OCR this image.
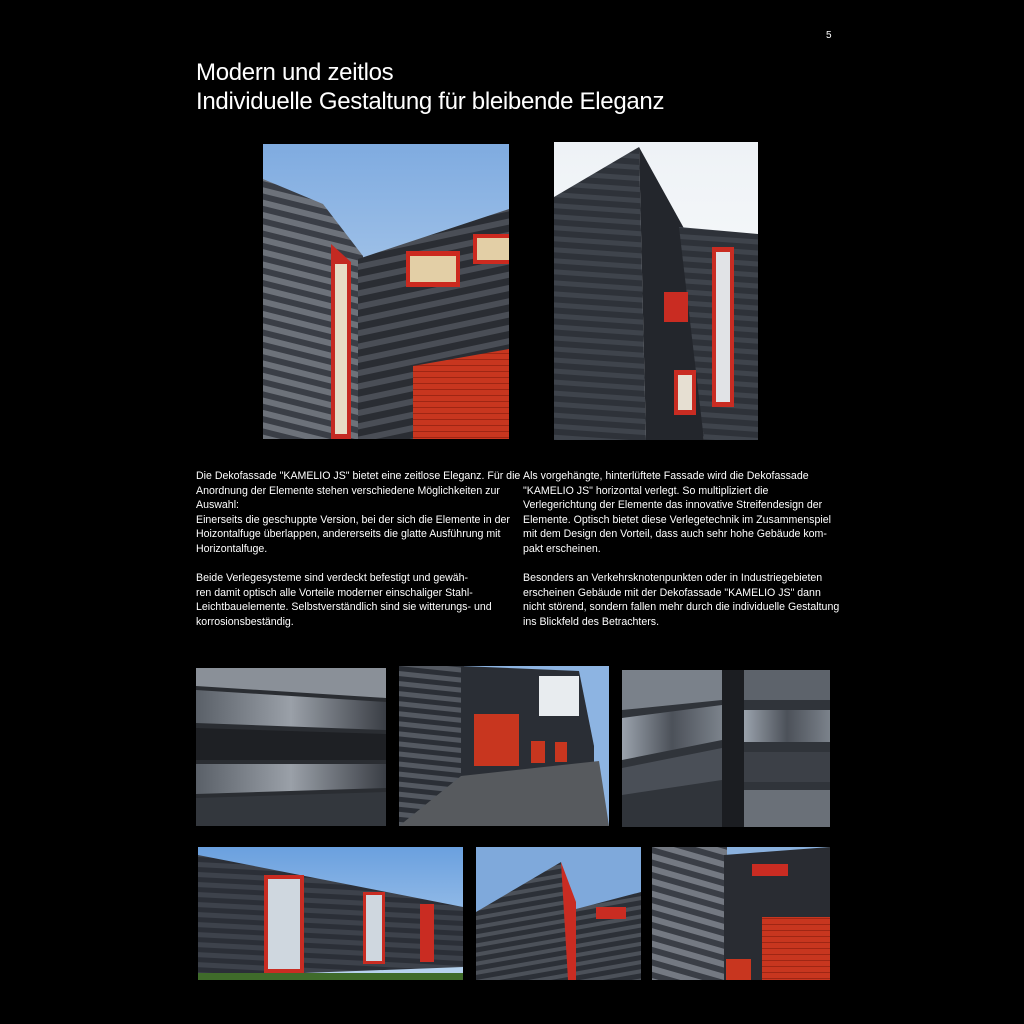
5
Modern und zeitlos
Individuelle Gestaltung für bleibende Eleganz

Die Dekofassade "KAMELIO JS" bietet eine zeitlose Eleganz. Für die
Anordnung der Elemente stehen verschiedene Möglichkeiten zur
Auswahl:
Einerseits die geschuppte Version, bei der sich die Elemente in der
Hoizontalfuge überlappen, andererseits die glatte Ausführung mit
Horizontalfuge.

Beide Verlegesysteme sind verdeckt befestigt und gewäh-
ren damit optisch alle Vorteile moderner einschaliger Stahl-
Leichtbauelemente. Selbstverständlich sind sie witterungs- und
korrosionsbeständig.

Als vorgehängte, hinterlüftete Fassade wird die Dekofassade
"KAMELIO JS" horizontal verlegt. So multipliziert die
Verlegerichtung der Elemente das innovative Streifendesign der
Elemente. Optisch bietet diese Verlegetechnik im Zusammenspiel
mit dem Design den Vorteil, dass auch sehr hohe Gebäude kom-
pakt erscheinen.

Besonders an Verkehrsknotenpunkten oder in Industriegebieten
erscheinen Gebäude mit der Dekofassade "KAMELIO JS" dann
nicht störend, sondern fallen mehr durch die individuelle Gestaltung
ins Blickfeld des Betrachters.
